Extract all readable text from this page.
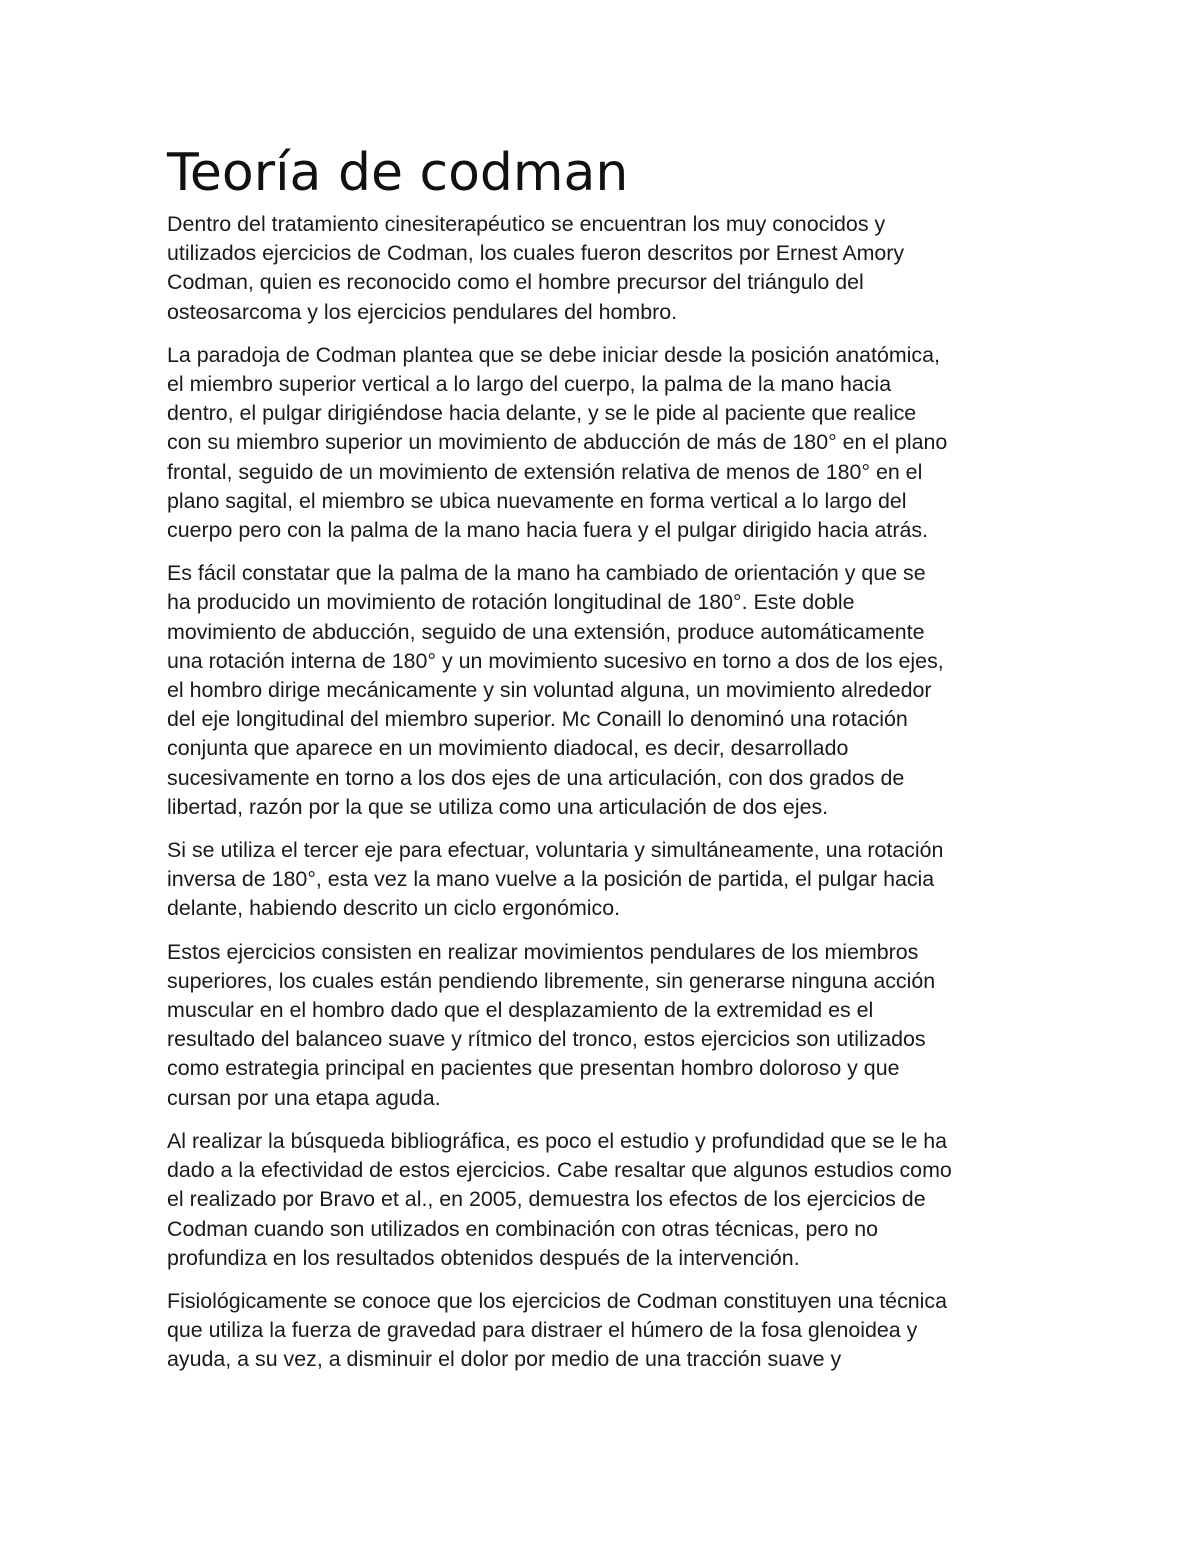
Teoría de codman

Dentro del tratamiento cinesiterapéutico se encuentran los muy conocidos y
utilizados ejercicios de Codman, los cuales fueron descritos por Ernest Amory
Codman, quien es reconocido como el hombre precursor del triángulo del
osteosarcoma y los ejercicios pendulares del hombro.

La paradoja de Codman plantea que se debe iniciar desde la posición anatómica,
el miembro superior vertical a lo largo del cuerpo, la palma de la mano hacia
dentro, el pulgar dirigiéndose hacia delante, y se le pide al paciente que realice
con su miembro superior un movimiento de abducción de más de 180° en el plano
frontal, seguido de un movimiento de extensión relativa de menos de 180° en el
plano sagital, el miembro se ubica nuevamente en forma vertical a lo largo del
cuerpo pero con la palma de la mano hacia fuera y el pulgar dirigido hacia atrás.

Es fácil constatar que la palma de la mano ha cambiado de orientación y que se
ha producido un movimiento de rotación longitudinal de 180°. Este doble
movimiento de abducción, seguido de una extensión, produce automáticamente
una rotación interna de 180° y un movimiento sucesivo en torno a dos de los ejes,
el hombro dirige mecánicamente y sin voluntad alguna, un movimiento alrededor
del eje longitudinal del miembro superior. Mc Conaill lo denominó una rotación
conjunta que aparece en un movimiento diadocal, es decir, desarrollado
sucesivamente en torno a los dos ejes de una articulación, con dos grados de
libertad, razón por la que se utiliza como una articulación de dos ejes.

Si se utiliza el tercer eje para efectuar, voluntaria y simultáneamente, una rotación
inversa de 180°, esta vez la mano vuelve a la posición de partida, el pulgar hacia
delante, habiendo descrito un ciclo ergonómico.

Estos ejercicios consisten en realizar movimientos pendulares de los miembros
superiores, los cuales están pendiendo libremente, sin generarse ninguna acción
muscular en el hombro dado que el desplazamiento de la extremidad es el
resultado del balanceo suave y rítmico del tronco, estos ejercicios son utilizados
como estrategia principal en pacientes que presentan hombro doloroso y que
cursan por una etapa aguda.

Al realizar la búsqueda bibliográfica, es poco el estudio y profundidad que se le ha
dado a la efectividad de estos ejercicios. Cabe resaltar que algunos estudios como
el realizado por Bravo et al., en 2005, demuestra los efectos de los ejercicios de
Codman cuando son utilizados en combinación con otras técnicas, pero no
profundiza en los resultados obtenidos después de la intervención.

Fisiológicamente se conoce que los ejercicios de Codman constituyen una técnica
que utiliza la fuerza de gravedad para distraer el húmero de la fosa glenoidea y
ayuda, a su vez, a disminuir el dolor por medio de una tracción suave y
